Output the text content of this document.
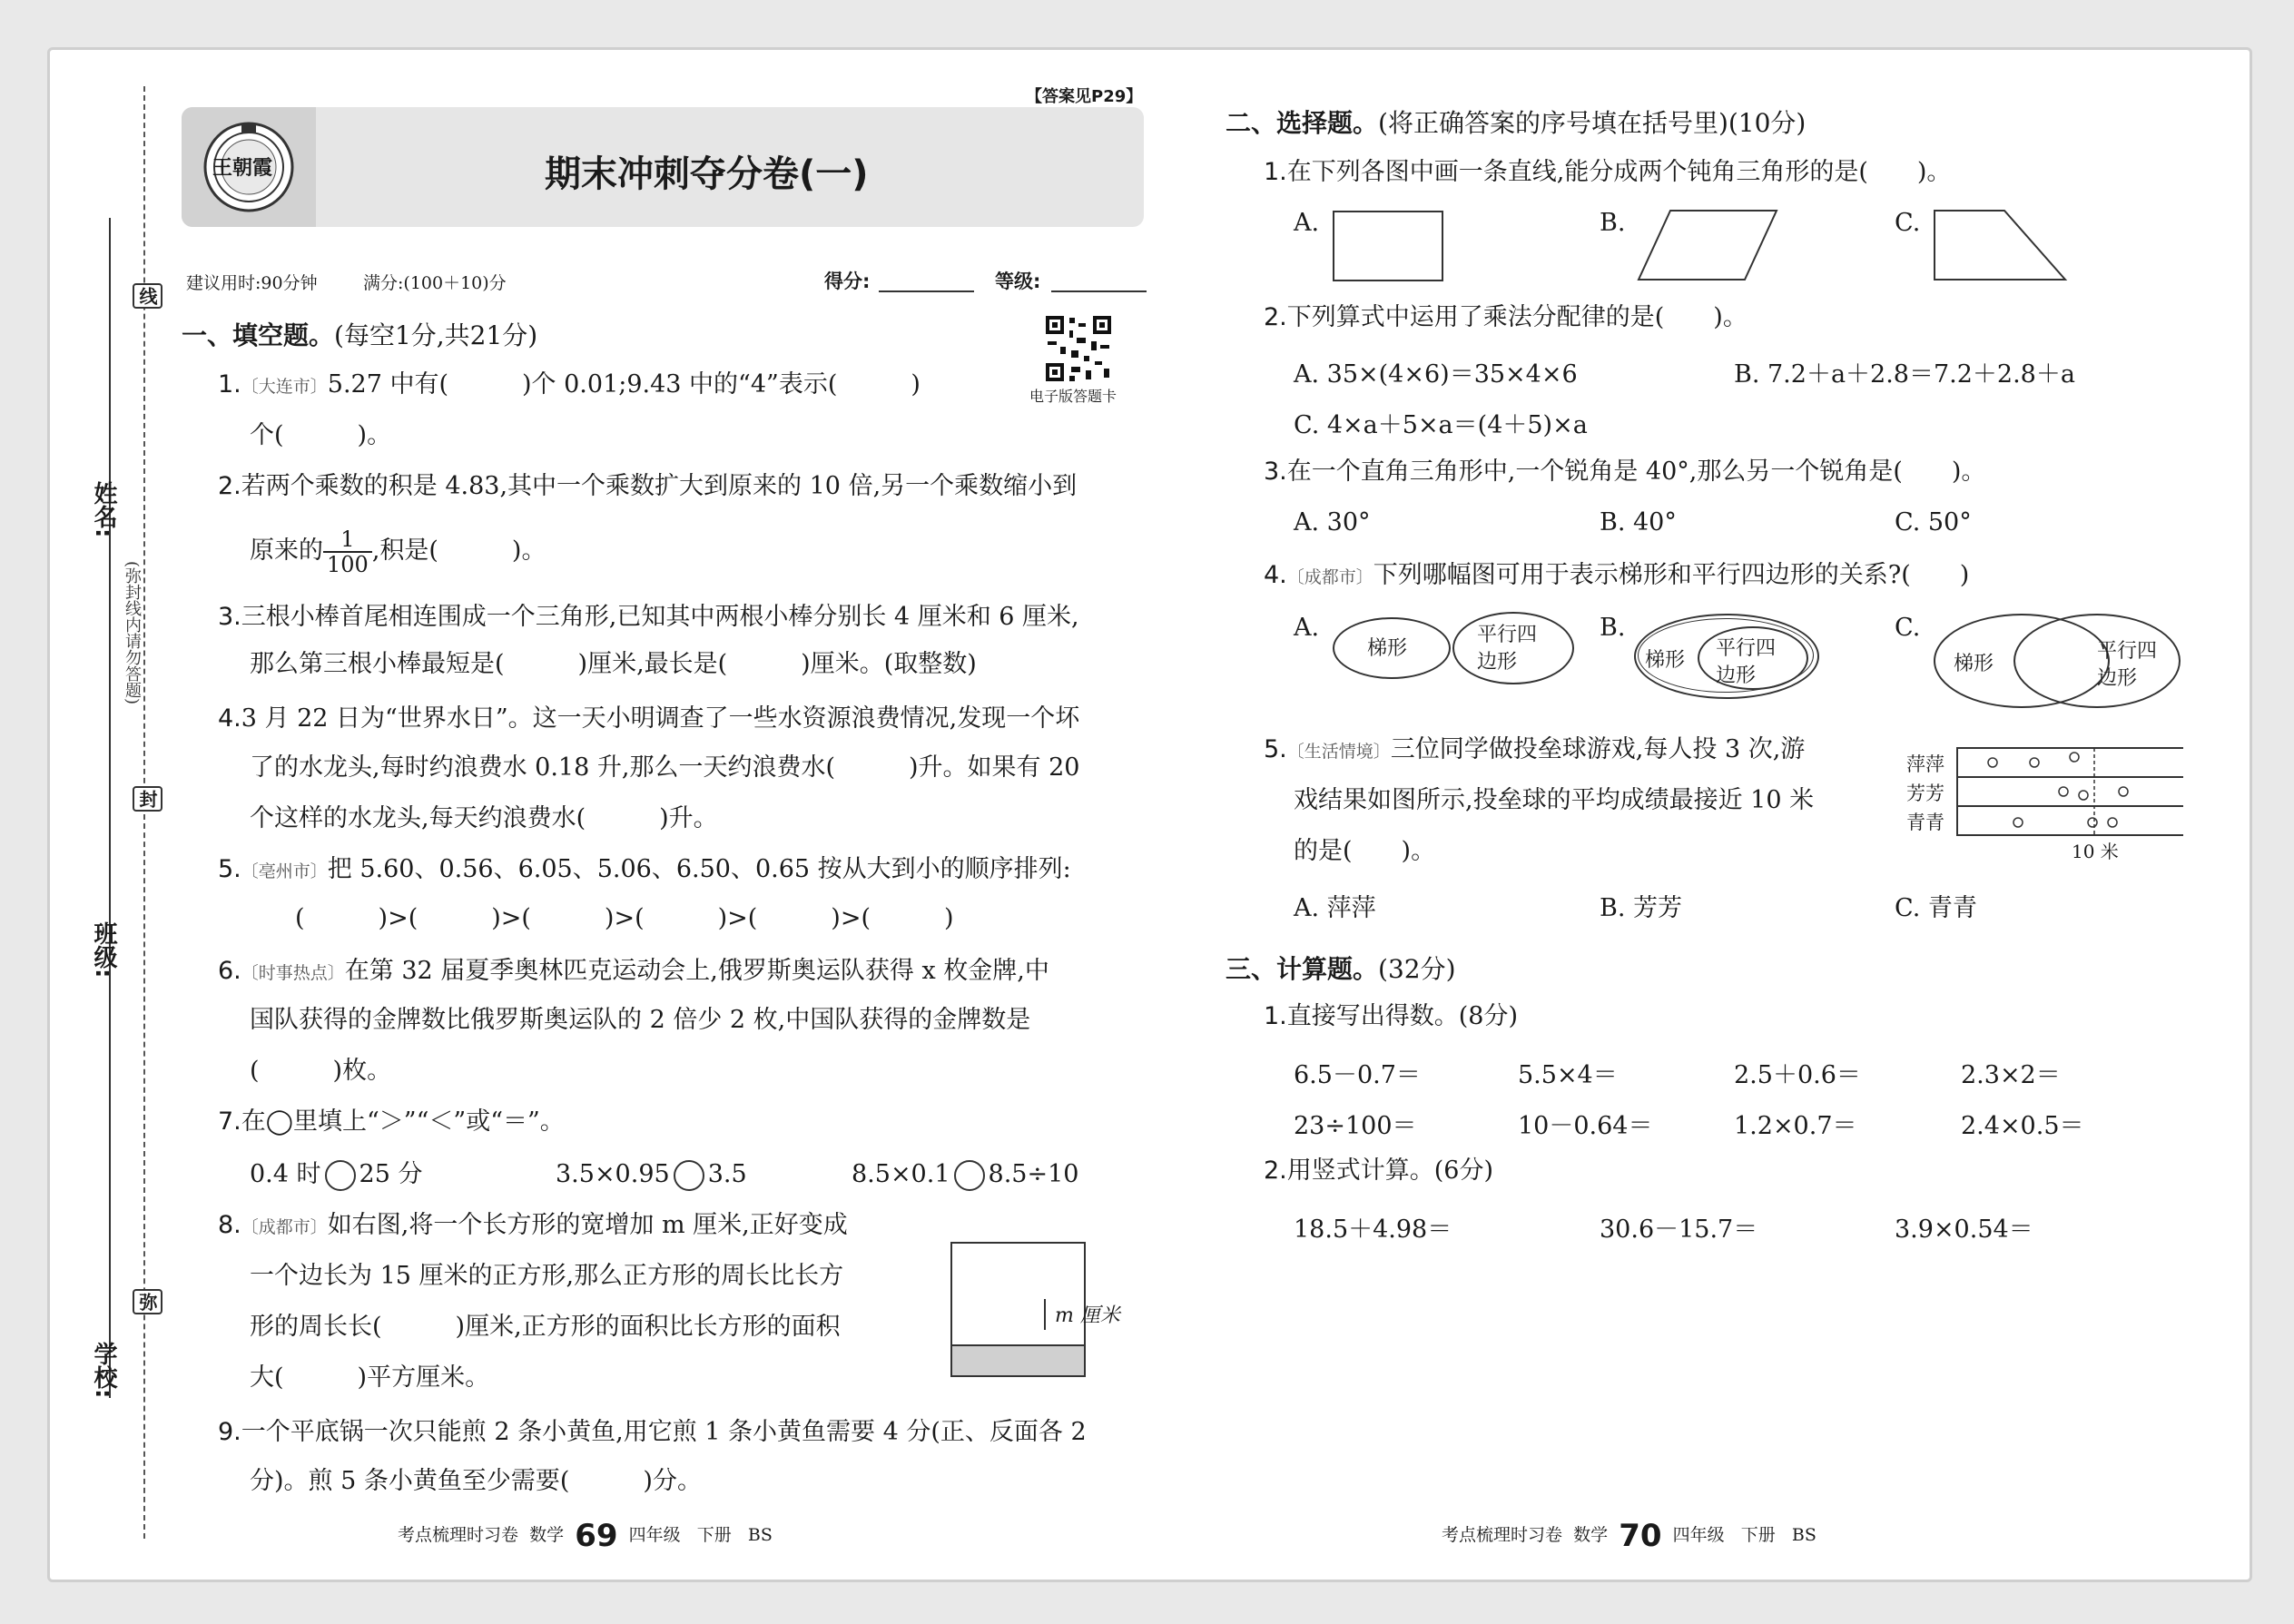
线
封
弥
(弥封线内请勿答题)
姓名:
班级:
学校:
【答案见P29】
王朝霞	期末冲刺夺分卷(一)
建议用时:90分钟	满分:(100＋10)分	得分:	等级:
电子版答题卡
一、填空题。(每空1分,共21分)
1.〔大连市〕5.27 中有(　　　)个 0.01;9.43 中的“4”表示(　　　)
个(　　　)。
2.若两个乘数的积是 4.83,其中一个乘数扩大到原来的 10 倍,另一个乘数缩小到
原来的 $\frac{1}{100}$ ,积是(　　　)。
3.三根小棒首尾相连围成一个三角形,已知其中两根小棒分别长 4 厘米和 6 厘米,
那么第三根小棒最短是(　　　)厘米,最长是(　　　)厘米。(取整数)
4.3 月 22 日为“世界水日”。这一天小明调查了一些水资源浪费情况,发现一个坏
了的水龙头,每时约浪费水 0.18 升,那么一天约浪费水(　　　)升。如果有 20
个这样的水龙头,每天约浪费水(　　　)升。
5.〔亳州市〕把 5.60、0.56、6.05、5.06、6.50、0.65 按从大到小的顺序排列:
(　　　)>(　　　)>(　　　)>(　　　)>(　　　)>(　　　)
6.〔时事热点〕在第 32 届夏季奥林匹克运动会上,俄罗斯奥运队获得 x 枚金牌,中
国队获得的金牌数比俄罗斯奥运队的 2 倍少 2 枚,中国队获得的金牌数是
(　　　)枚。
7.在◯里填上“＞”“＜”或“＝”。
0.4 时 25 分	3.5×0.95 3.5	8.5×0.1 8.5÷10
8.〔成都市〕如右图,将一个长方形的宽增加 m 厘米,正好变成
一个边长为 15 厘米的正方形,那么正方形的周长比长方
形的周长长(　　　)厘米,正方形的面积比长方形的面积
大(　　　)平方厘米。
m 厘米
9.一个平底锅一次只能煎 2 条小黄鱼,用它煎 1 条小黄鱼需要 4 分(正、反面各 2
分)。煎 5 条小黄鱼至少需要(　　　)分。
考点梳理时习卷 数学 69 四年级 下册 BS
二、选择题。(将正确答案的序号填在括号里)(10分)
1.在下列各图中画一条直线,能分成两个钝角三角形的是(　　)。
A.	B.	C.
2.下列算式中运用了乘法分配律的是(　　)。
A. 35×(4×6)＝35×4×6	B. 7.2＋a＋2.8＝7.2＋2.8＋a
C. 4×a＋5×a＝(4＋5)×a
3.在一个直角三角形中,一个锐角是 40°,那么另一个锐角是(　　)。
A. 30°	B. 40°	C. 50°
4.〔成都市〕下列哪幅图可用于表示梯形和平行四边形的关系?(　　)
A.
梯形
平行四
边形
B.
梯形
平行四
边形
C.
梯形
平行四
边形
5.〔生活情境〕三位同学做投垒球游戏,每人投 3 次,游
戏结果如图所示,投垒球的平均成绩最接近 10 米
的是(　　)。
A. 萍萍	B. 芳芳	C. 青青
萍萍
芳芳
青青
10 米
三、计算题。(32分)
1.直接写出得数。(8分)
6.5－0.7＝	5.5×4＝	2.5＋0.6＝	2.3×2＝
23÷100＝	10－0.64＝	1.2×0.7＝	2.4×0.5＝
2.用竖式计算。(6分)
18.5＋4.98＝	30.6－15.7＝	3.9×0.54＝
考点梳理时习卷 数学 70 四年级 下册 BS
